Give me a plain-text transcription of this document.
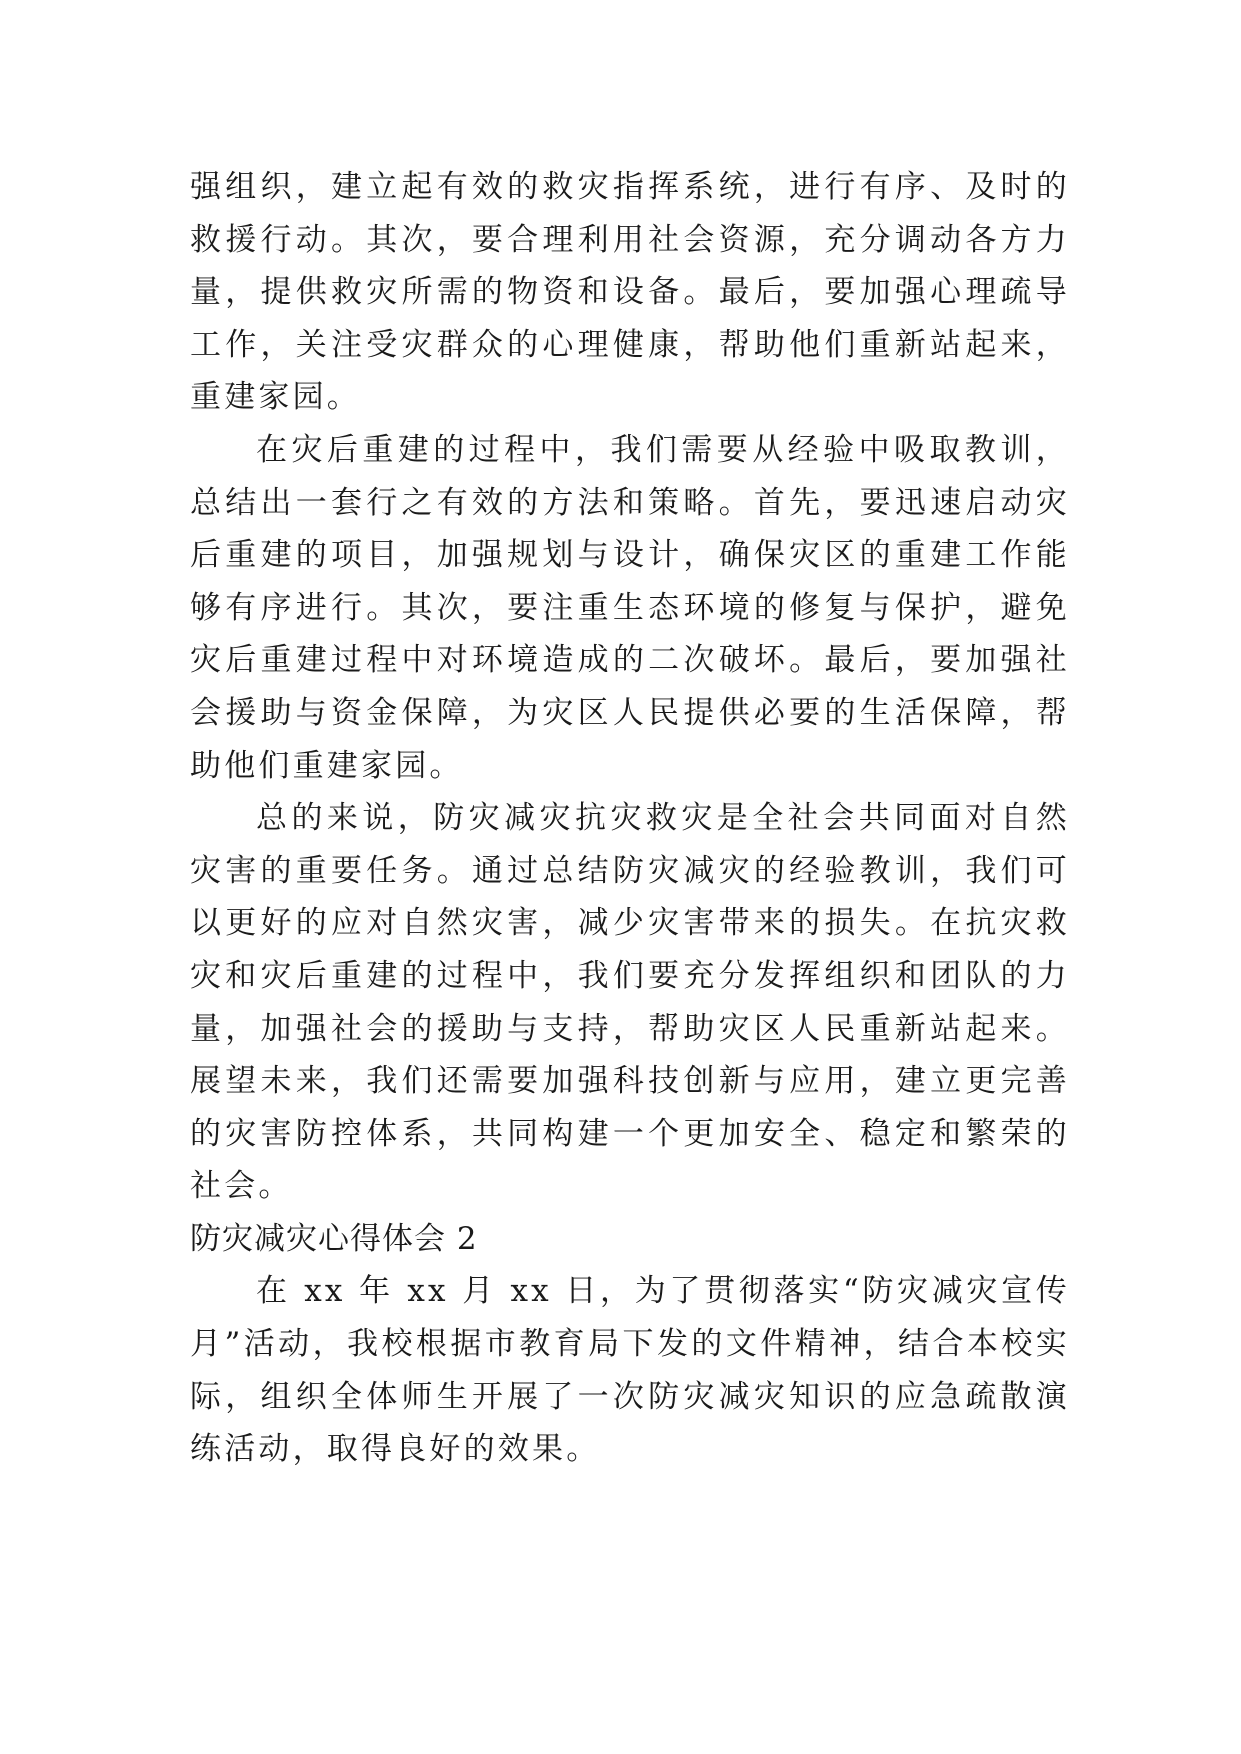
强组织，建立起有效的救灾指挥系统，进行有序、及时的救援行动。其次，要合理利用社会资源，充分调动各方力量，提供救灾所需的物资和设备。最后，要加强心理疏导工作，关注受灾群众的心理健康，帮助他们重新站起来，重建家园。

在灾后重建的过程中，我们需要从经验中吸取教训，总结出一套行之有效的方法和策略。首先，要迅速启动灾后重建的项目，加强规划与设计，确保灾区的重建工作能够有序进行。其次，要注重生态环境的修复与保护，避免灾后重建过程中对环境造成的二次破坏。最后，要加强社会援助与资金保障，为灾区人民提供必要的生活保障，帮助他们重建家园。

总的来说，防灾减灾抗灾救灾是全社会共同面对自然灾害的重要任务。通过总结防灾减灾的经验教训，我们可以更好的应对自然灾害，减少灾害带来的损失。在抗灾救灾和灾后重建的过程中，我们要充分发挥组织和团队的力量，加强社会的援助与支持，帮助灾区人民重新站起来。展望未来，我们还需要加强科技创新与应用，建立更完善的灾害防控体系，共同构建一个更加安全、稳定和繁荣的社会。

防灾减灾心得体会 2

在 xx 年 xx 月 xx 日，为了贯彻落实“防灾减灾宣传月”活动，我校根据市教育局下发的文件精神，结合本校实际，组织全体师生开展了一次防灾减灾知识的应急疏散演练活动，取得良好的效果。
